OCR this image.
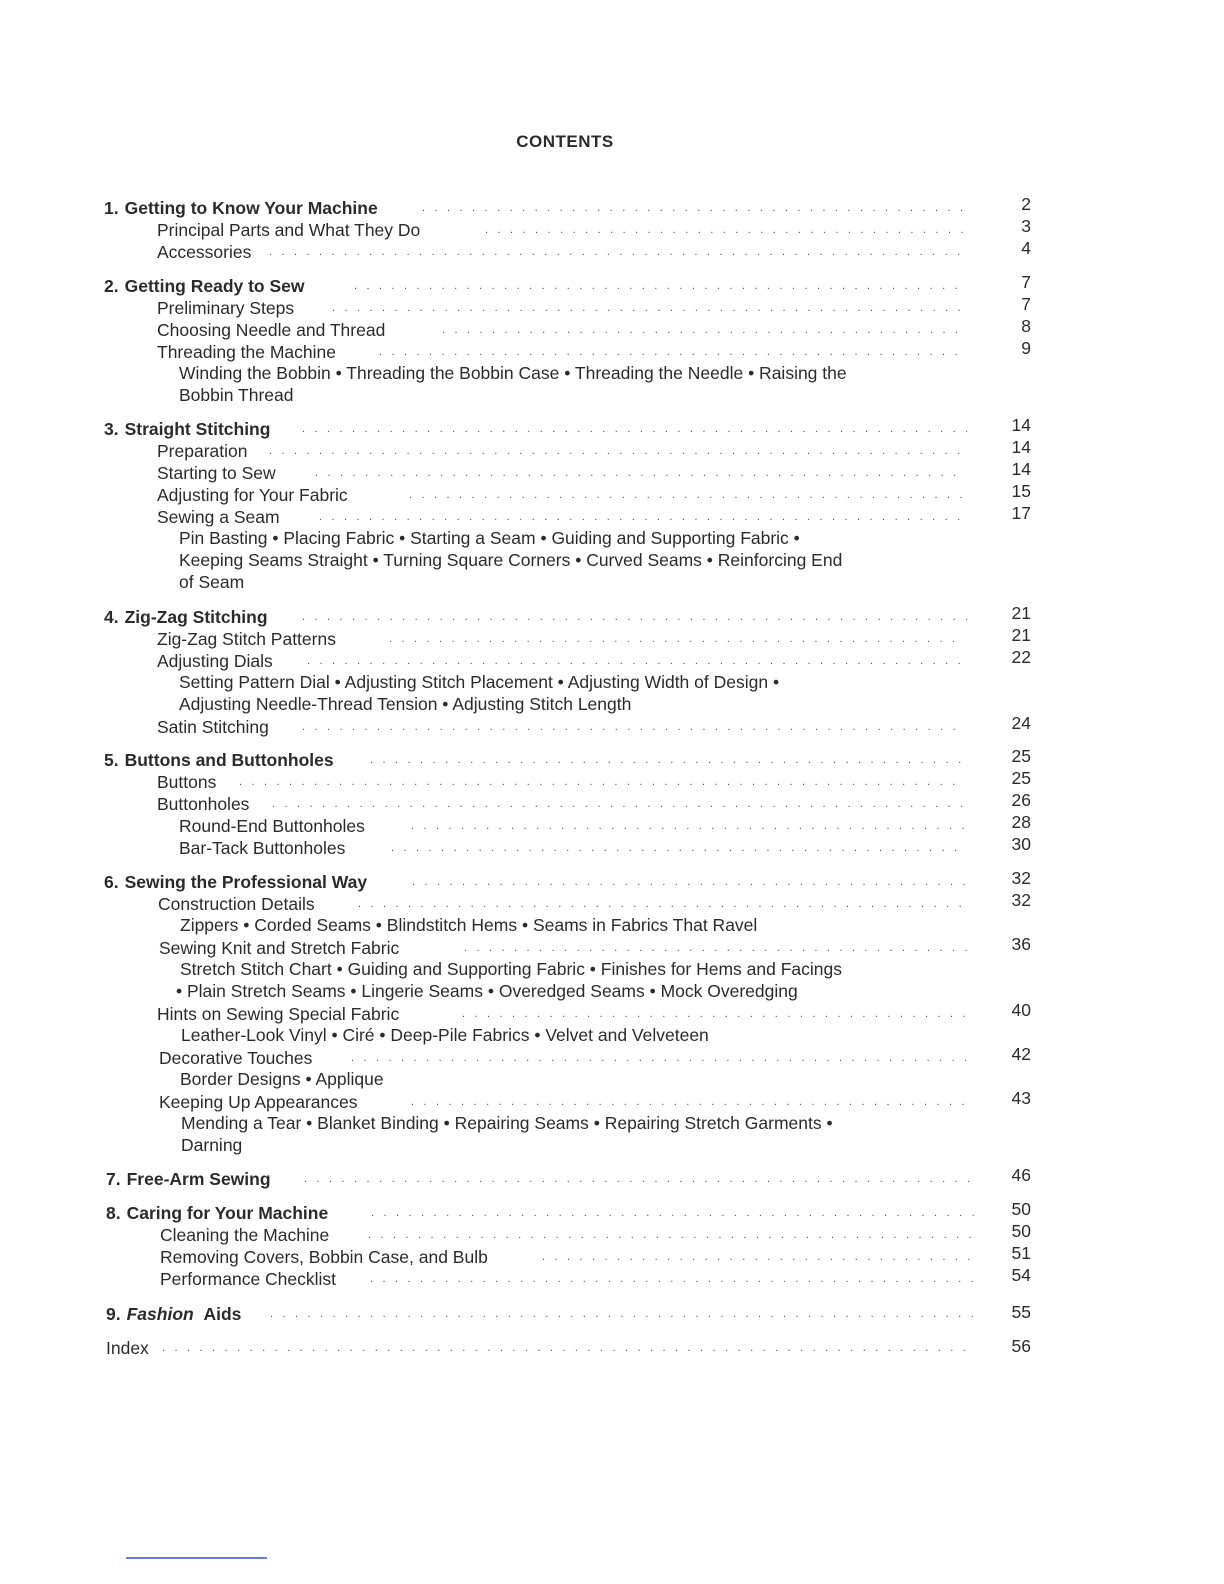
CONTENTS
1. Getting to Know Your Machine . . .	2
Principal Parts and What They Do . . .	3
Accessories . . .	4
2. Getting Ready to Sew . . .	7
Preliminary Steps . . .	7
Choosing Needle and Thread . . .	8
Threading the Machine . . .	9
Winding the Bobbin • Threading the Bobbin Case • Threading the Needle • Raising the
Bobbin Thread
3. Straight Stitching . . .	14
Preparation . . .	14
Starting to Sew . . .	14
Adjusting for Your Fabric . . .	15
Sewing a Seam . . .	17
Pin Basting • Placing Fabric • Starting a Seam • Guiding and Supporting Fabric •
Keeping Seams Straight • Turning Square Corners • Curved Seams • Reinforcing End
of Seam
4. Zig-Zag Stitching . . .	21
Zig-Zag Stitch Patterns . . .	21
Adjusting Dials . . .	22
Setting Pattern Dial • Adjusting Stitch Placement • Adjusting Width of Design •
Adjusting Needle-Thread Tension • Adjusting Stitch Length
Satin Stitching . . .	24
5. Buttons and Buttonholes . . .	25
Buttons . . .	25
Buttonholes . . .	26
Round-End Buttonholes . . .	28
Bar-Tack Buttonholes . . .	30
6. Sewing the Professional Way . . .	32
Construction Details . . .	32
Zippers • Corded Seams • Blindstitch Hems • Seams in Fabrics That Ravel
Sewing Knit and Stretch Fabric . . .	36
Stretch Stitch Chart • Guiding and Supporting Fabric • Finishes for Hems and Facings
• Plain Stretch Seams • Lingerie Seams • Overedged Seams • Mock Overedging
Hints on Sewing Special Fabric . . .	40
Leather-Look Vinyl • Ciré • Deep-Pile Fabrics • Velvet and Velveteen
Decorative Touches . . .	42
Border Designs • Applique
Keeping Up Appearances . . .	43
Mending a Tear • Blanket Binding • Repairing Seams • Repairing Stretch Garments •
Darning
7. Free-Arm Sewing . . .	46
8. Caring for Your Machine . . .	50
Cleaning the Machine . . .	50
Removing Covers, Bobbin Case, and Bulb . . .	51
Performance Checklist . . .	54
9. Fashion Aids . . .	55
Index . . .	56
